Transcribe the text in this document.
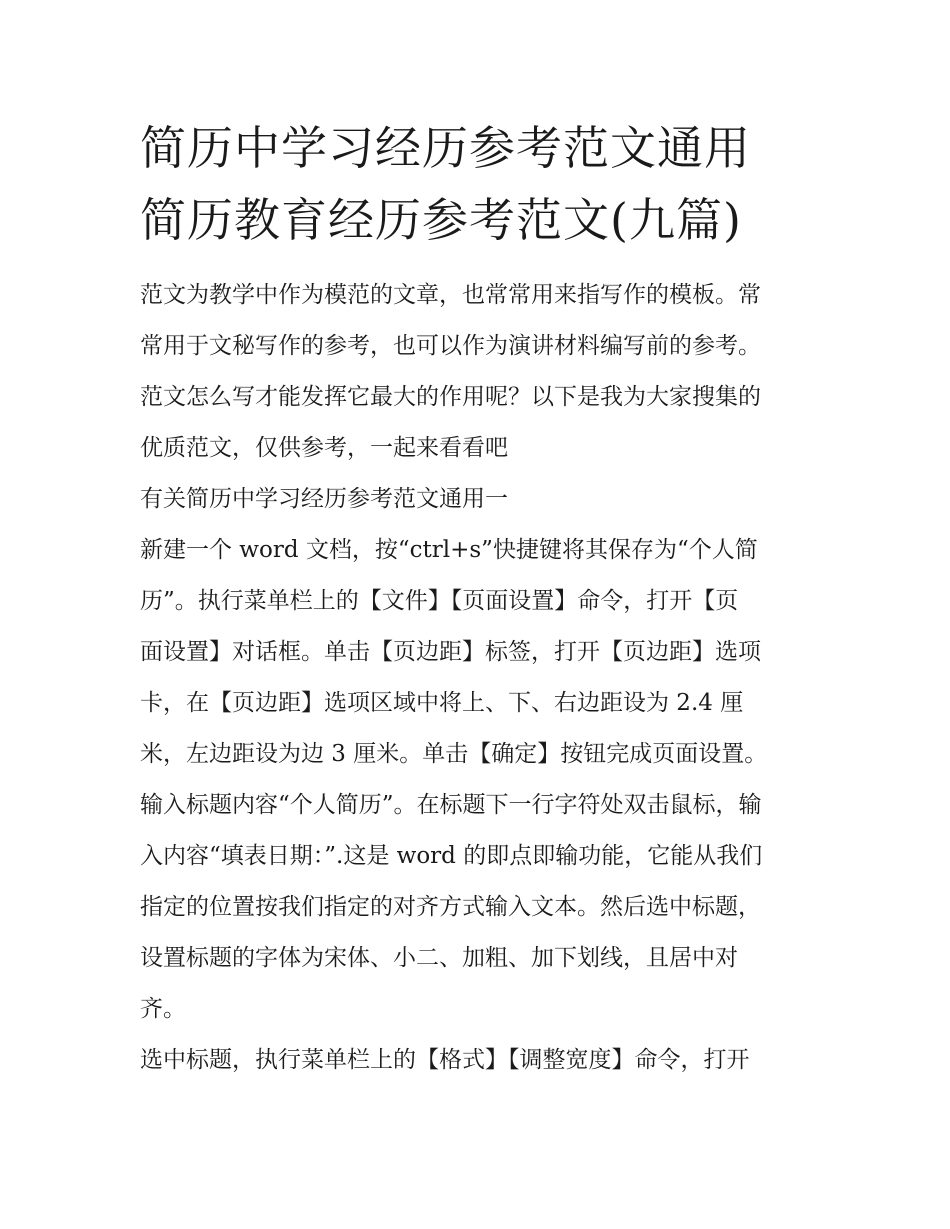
简历中学习经历参考范文通用
简历教育经历参考范文(九篇)

范文为教学中作为模范的文章，也常常用来指写作的模板。常
常用于文秘写作的参考，也可以作为演讲材料编写前的参考。
范文怎么写才能发挥它最大的作用呢？以下是我为大家搜集的
优质范文，仅供参考，一起来看看吧

有关简历中学习经历参考范文通用一

新建一个 word 文档，按“ctrl+s”快捷键将其保存为“个人简
历”。执行菜单栏上的【文件】【页面设置】命令，打开【页
面设置】对话框。单击【页边距】标签，打开【页边距】选项
卡，在【页边距】选项区域中将上、下、右边距设为 2.4 厘
米，左边距设为边 3 厘米。单击【确定】按钮完成页面设置。
输入标题内容“个人简历”。在标题下一行字符处双击鼠标，输
入内容“填表日期：”.这是 word 的即点即输功能，它能从我们
指定的位置按我们指定的对齐方式输入文本。然后选中标题，
设置标题的字体为宋体、小二、加粗、加下划线，且居中对
齐。

选中标题，执行菜单栏上的【格式】【调整宽度】命令，打开
